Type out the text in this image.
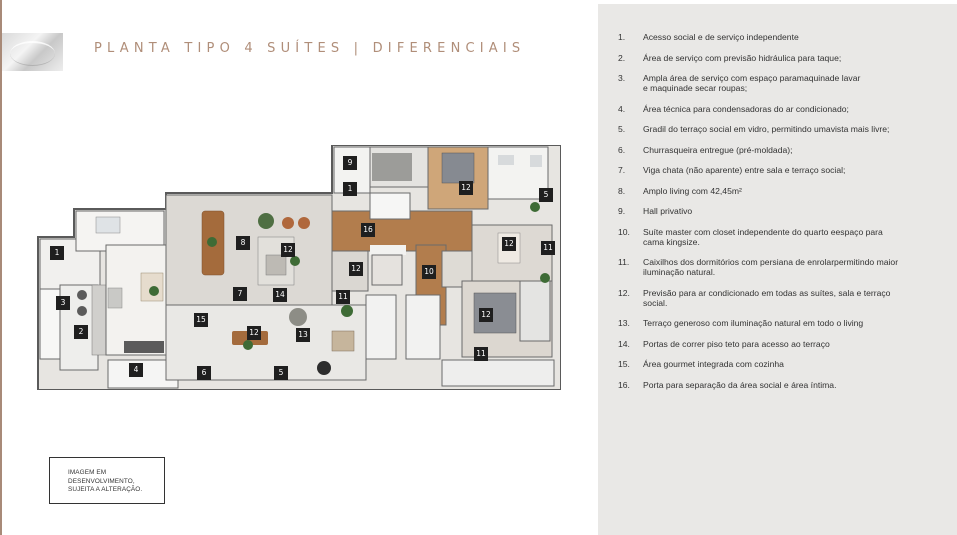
PLANTA TIPO 4 SUÍTES | DIFERENCIAIS
9
1	12
5
1
16
8
12
12	11
3
12	10
7	14	11
2
15
12
13
12
4	6	5
11
IMAGEM EM
DESENVOLVIMENTO,
SUJEITA A ALTERAÇÃO.
1.	Acesso social e de serviço independente
2.	Área de serviço com previsão hidráulica para taque;
3.	Ampla área de serviço com espaço paramaquinade lavar
e maquinade secar roupas;
4.	Área técnica para condensadoras do ar condicionado;
5.	Gradil do terraço social em vidro, permitindo umavista mais livre;
6.	Churrasqueira entregue (pré-moldada);
7.	Viga chata (não aparente) entre sala e terraço social;
8.	Amplo living com 42,45m²
9.	Hall privativo
10.	Suíte master com closet independente do quarto eespaço para
cama kingsize.
11.	Caixilhos dos dormitórios com persiana de enrolarpermitindo maior
iluminação natural.
12.	Previsão para ar condicionado em todas as suítes, sala e terraço
social.
13.	Terraço generoso com iluminação natural em todo o living
14.	Portas de correr piso teto para acesso ao terraço
15.	Área gourmet integrada com cozinha
16.	Porta para separação da área social e área íntima.
